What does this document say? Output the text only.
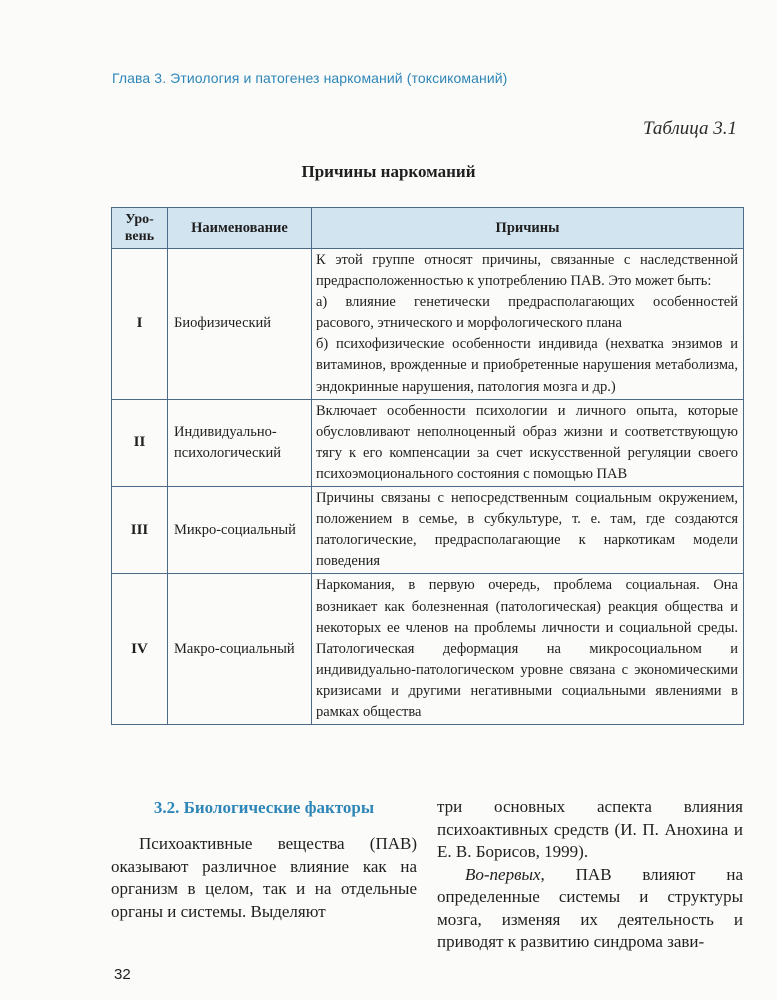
Глава 3. Этиология и патогенез наркоманий (токсикоманий)
Таблица 3.1
Причины наркоманий
Уро-
вень	Наименование	Причины
I	Биофизический	К этой группе относят причины, связанные с наследственной предрасположенностью к употреблению ПАВ. Это может быть:
а) влияние генетически предрасполагающих особенностей расового, этнического и морфологического плана
б) психофизические особенности индивида (нехватка энзимов и витаминов, врожденные и приобретенные нарушения метаболизма, эндокринные нарушения, патология мозга и др.)
II	Индивидуально-психологический	Включает особенности психологии и личного опыта, которые обусловливают неполноценный образ жизни и соответствующую тягу к его компенсации за счет искусственной регуляции своего психоэмоционального состояния с помощью ПАВ
III	Микро-социальный	Причины связаны с непосредственным социальным окружением, положением в семье, в субкультуре, т. е. там, где создаются патологические, предрасполагающие к наркотикам модели поведения
IV	Макро-социальный	Наркомания, в первую очередь, проблема социальная. Она возникает как болезненная (патологическая) реакция общества и некоторых ее членов на проблемы личности и социальной среды. Патологическая деформация на микросоциальном и индивидуально-патологическом уровне связана с экономическими кризисами и другими негативными социальными явлениями в рамках общества
3.2. Биологические факторы

Психоактивные вещества (ПАВ) оказывают различное влияние как на организм в целом, так и на отдельные органы и системы. Выделяют

три основных аспекта влияния психоактивных средств (И. П. Анохина и Е. В. Борисов, 1999).

Во-первых, ПАВ влияют на определенные системы и структуры мозга, изменяя их деятельность и приводят к развитию синдрома зави-

32
